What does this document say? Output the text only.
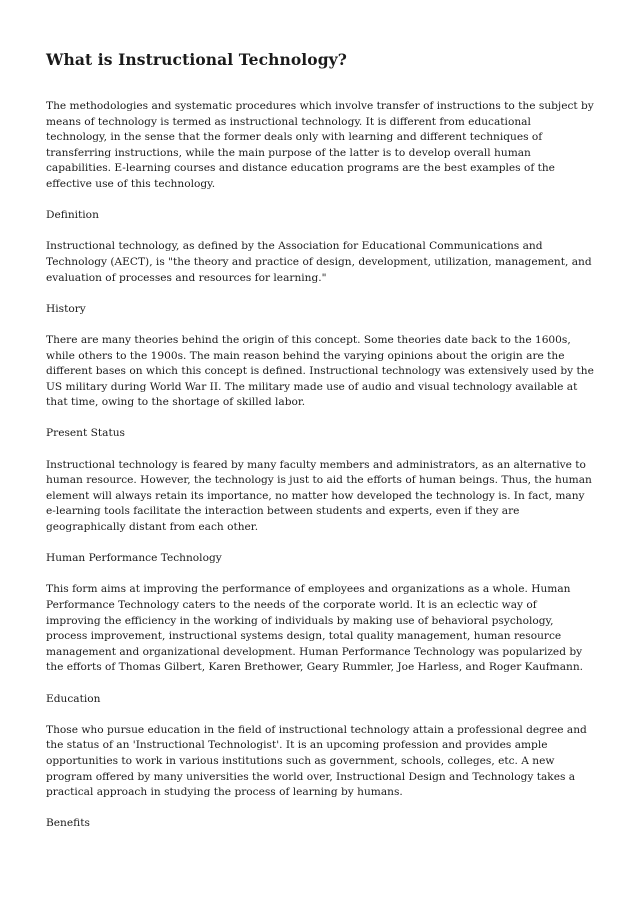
What is Instructional Technology?

The methodologies and systematic procedures which involve transfer of instructions to the subject by means of technology is termed as instructional technology. It is different from educational technology, in the sense that the former deals only with learning and different techniques of transferring instructions, while the main purpose of the latter is to develop overall human capabilities. E-learning courses and distance education programs are the best examples of the effective use of this technology.

Definition

Instructional technology, as defined by the Association for Educational Communications and Technology (AECT), is "the theory and practice of design, development, utilization, management, and evaluation of processes and resources for learning."

History

There are many theories behind the origin of this concept. Some theories date back to the 1600s, while others to the 1900s. The main reason behind the varying opinions about the origin are the different bases on which this concept is defined. Instructional technology was extensively used by the US military during World War II. The military made use of audio and visual technology available at that time, owing to the shortage of skilled labor.

Present Status

Instructional technology is feared by many faculty members and administrators, as an alternative to human resource. However, the technology is just to aid the efforts of human beings. Thus, the human element will always retain its importance, no matter how developed the technology is. In fact, many e-learning tools facilitate the interaction between students and experts, even if they are geographically distant from each other.

Human Performance Technology

This form aims at improving the performance of employees and organizations as a whole. Human Performance Technology caters to the needs of the corporate world. It is an eclectic way of improving the efficiency in the working of individuals by making use of behavioral psychology, process improvement, instructional systems design, total quality management, human resource management and organizational development. Human Performance Technology was popularized by the efforts of Thomas Gilbert, Karen Brethower, Geary Rummler, Joe Harless, and Roger Kaufmann.

Education

Those who pursue education in the field of instructional technology attain a professional degree and the status of an 'Instructional Technologist'. It is an upcoming profession and provides ample opportunities to work in various institutions such as government, schools, colleges, etc. A new program offered by many universities the world over, Instructional Design and Technology takes a practical approach in studying the process of learning by humans.

Benefits
